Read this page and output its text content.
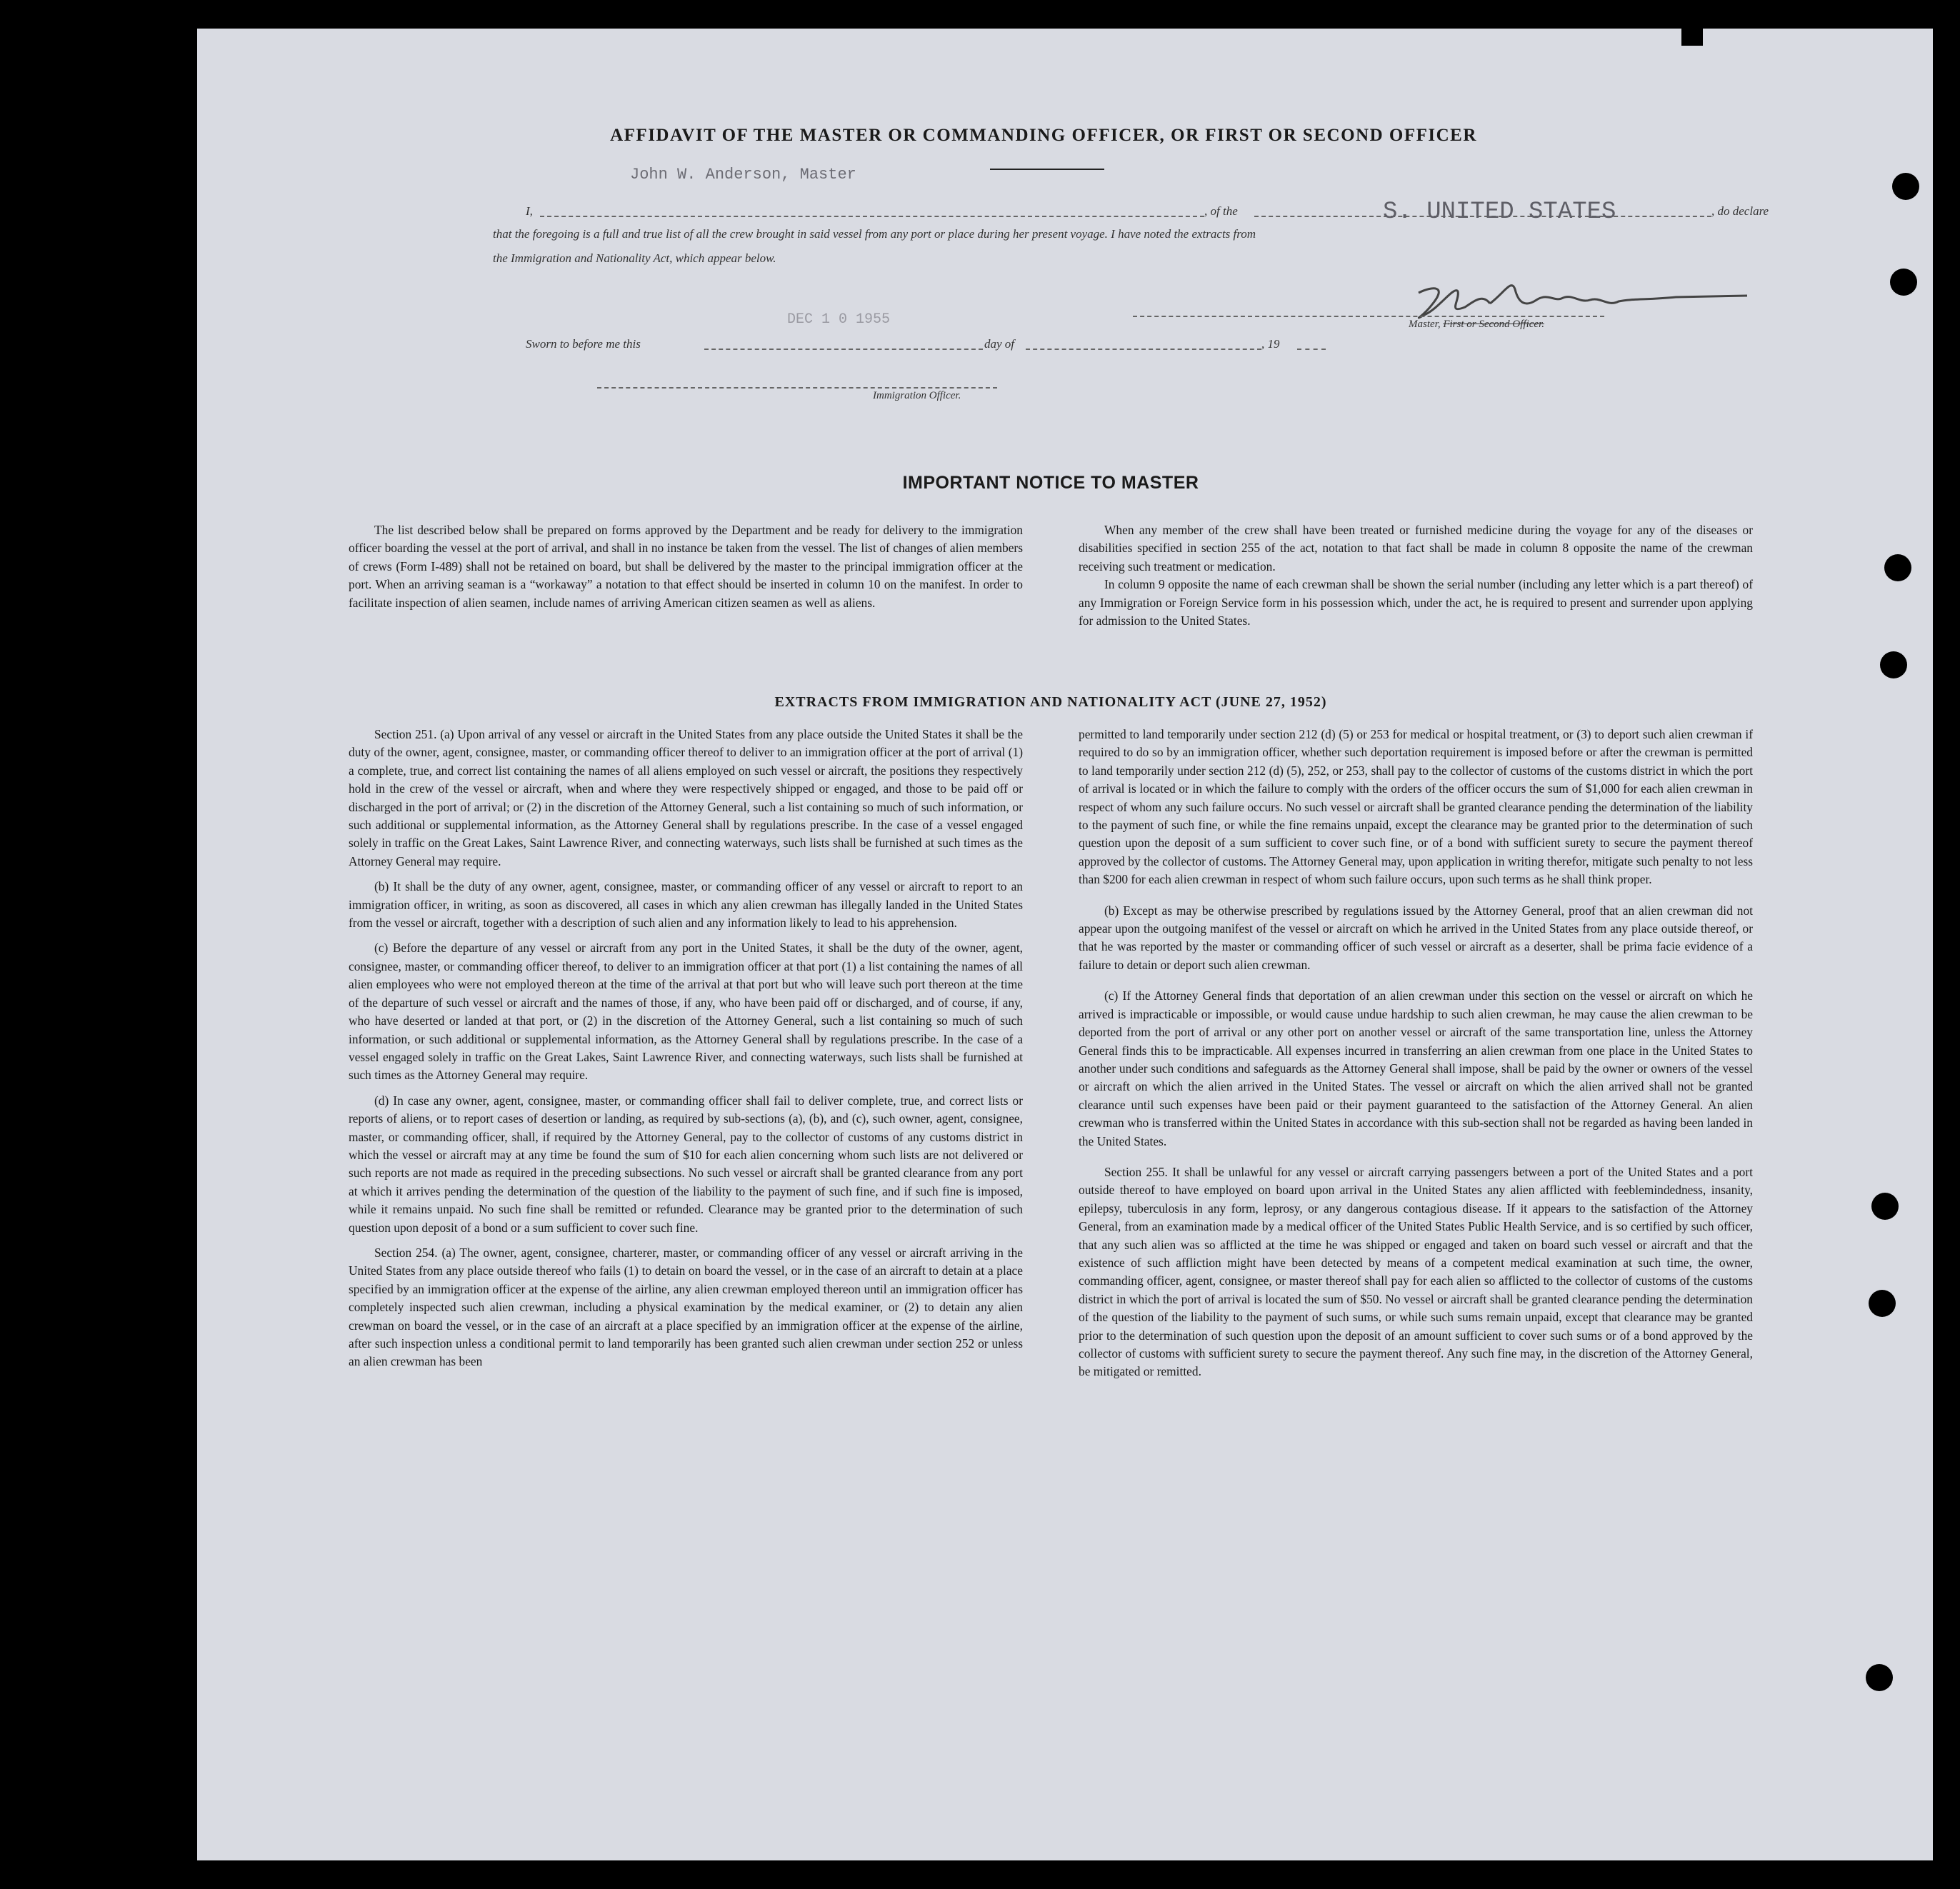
AFFIDAVIT OF THE MASTER OR COMMANDING OFFICER, OR FIRST OR SECOND OFFICER
John W. Anderson, Master
I,	, of the	S. UNITED STATES	, do declare
that the foregoing is a full and true list of all the crew brought in said vessel from any port or place during her present voyage. I have noted the extracts from
the Immigration and Nationality Act, which appear below.
Master, First or Second Officer.
DEC 1 0 1955
Sworn to before me this	day of	, 19
Immigration Officer.
IMPORTANT NOTICE TO MASTER

The list described below shall be prepared on forms approved by the Department and be ready for delivery to the immigration officer boarding the vessel at the port of arrival, and shall in no instance be taken from the vessel. The list of changes of alien members of crews (Form I-489) shall not be retained on board, but shall be delivered by the master to the principal immigration officer at the port. When an arriving seaman is a “workaway” a notation to that effect should be inserted in column 10 on the manifest. In order to facilitate inspection of alien seamen, include names of arriving American citizen seamen as well as aliens.

When any member of the crew shall have been treated or furnished medicine during the voyage for any of the diseases or disabilities specified in section 255 of the act, notation to that fact shall be made in column 8 opposite the name of the crewman receiving such treatment or medication.

In column 9 opposite the name of each crewman shall be shown the serial number (including any letter which is a part thereof) of any Immigration or Foreign Service form in his possession which, under the act, he is required to present and surrender upon applying for admission to the United States.

EXTRACTS FROM IMMIGRATION AND NATIONALITY ACT (JUNE 27, 1952)

Section 251. (a) Upon arrival of any vessel or aircraft in the United States from any place outside the United States it shall be the duty of the owner, agent, consignee, master, or commanding officer thereof to deliver to an immigration officer at the port of arrival (1) a complete, true, and correct list containing the names of all aliens employed on such vessel or aircraft, the positions they respectively hold in the crew of the vessel or aircraft, when and where they were respectively shipped or engaged, and those to be paid off or discharged in the port of arrival; or (2) in the discretion of the Attorney General, such a list containing so much of such information, or such additional or supplemental information, as the Attorney General shall by regulations prescribe. In the case of a vessel engaged solely in traffic on the Great Lakes, Saint Lawrence River, and connecting waterways, such lists shall be furnished at such times as the Attorney General may require.

(b) It shall be the duty of any owner, agent, consignee, master, or commanding officer of any vessel or aircraft to report to an immigration officer, in writing, as soon as discovered, all cases in which any alien crewman has illegally landed in the United States from the vessel or aircraft, together with a description of such alien and any information likely to lead to his apprehension.

(c) Before the departure of any vessel or aircraft from any port in the United States, it shall be the duty of the owner, agent, consignee, master, or commanding officer thereof, to deliver to an immigration officer at that port (1) a list containing the names of all alien employees who were not employed thereon at the time of the arrival at that port but who will leave such port thereon at the time of the departure of such vessel or aircraft and the names of those, if any, who have been paid off or discharged, and of course, if any, who have deserted or landed at that port, or (2) in the discretion of the Attorney General, such a list containing so much of such information, or such additional or supplemental information, as the Attorney General shall by regulations prescribe. In the case of a vessel engaged solely in traffic on the Great Lakes, Saint Lawrence River, and connecting waterways, such lists shall be furnished at such times as the Attorney General may require.

(d) In case any owner, agent, consignee, master, or commanding officer shall fail to deliver complete, true, and correct lists or reports of aliens, or to report cases of desertion or landing, as required by sub-sections (a), (b), and (c), such owner, agent, consignee, master, or commanding officer, shall, if required by the Attorney General, pay to the collector of customs of any customs district in which the vessel or aircraft may at any time be found the sum of $10 for each alien concerning whom such lists are not delivered or such reports are not made as required in the preceding subsections. No such vessel or aircraft shall be granted clearance from any port at which it arrives pending the determination of the question of the liability to the payment of such fine, and if such fine is imposed, while it remains unpaid. No such fine shall be remitted or refunded. Clearance may be granted prior to the determination of such question upon deposit of a bond or a sum sufficient to cover such fine.

Section 254. (a) The owner, agent, consignee, charterer, master, or commanding officer of any vessel or aircraft arriving in the United States from any place outside thereof who fails (1) to detain on board the vessel, or in the case of an aircraft to detain at a place specified by an immigration officer at the expense of the airline, any alien crewman employed thereon until an immigration officer has completely inspected such alien crewman, including a physical examination by the medical examiner, or (2) to detain any alien crewman on board the vessel, or in the case of an aircraft at a place specified by an immigration officer at the expense of the airline, after such inspection unless a conditional permit to land temporarily has been granted such alien crewman under section 252 or unless an alien crewman has been

permitted to land temporarily under section 212 (d) (5) or 253 for medical or hospital treatment, or (3) to deport such alien crewman if required to do so by an immigration officer, whether such deportation requirement is imposed before or after the crewman is permitted to land temporarily under section 212 (d) (5), 252, or 253, shall pay to the collector of customs of the customs district in which the port of arrival is located or in which the failure to comply with the orders of the officer occurs the sum of $1,000 for each alien crewman in respect of whom any such failure occurs. No such vessel or aircraft shall be granted clearance pending the determination of the liability to the payment of such fine, or while the fine remains unpaid, except the clearance may be granted prior to the determination of such question upon the deposit of a sum sufficient to cover such fine, or of a bond with sufficient surety to secure the payment thereof approved by the collector of customs. The Attorney General may, upon application in writing therefor, mitigate such penalty to not less than $200 for each alien crewman in respect of whom such failure occurs, upon such terms as he shall think proper.

(b) Except as may be otherwise prescribed by regulations issued by the Attorney General, proof that an alien crewman did not appear upon the outgoing manifest of the vessel or aircraft on which he arrived in the United States from any place outside thereof, or that he was reported by the master or commanding officer of such vessel or aircraft as a deserter, shall be prima facie evidence of a failure to detain or deport such alien crewman.

(c) If the Attorney General finds that deportation of an alien crewman under this section on the vessel or aircraft on which he arrived is impracticable or impossible, or would cause undue hardship to such alien crewman, he may cause the alien crewman to be deported from the port of arrival or any other port on another vessel or aircraft of the same transportation line, unless the Attorney General finds this to be impracticable. All expenses incurred in transferring an alien crewman from one place in the United States to another under such conditions and safeguards as the Attorney General shall impose, shall be paid by the owner or owners of the vessel or aircraft on which the alien arrived in the United States. The vessel or aircraft on which the alien arrived shall not be granted clearance until such expenses have been paid or their payment guaranteed to the satisfaction of the Attorney General. An alien crewman who is transferred within the United States in accordance with this sub-section shall not be regarded as having been landed in the United States.

Section 255. It shall be unlawful for any vessel or aircraft carrying passengers between a port of the United States and a port outside thereof to have employed on board upon arrival in the United States any alien afflicted with feeblemindedness, insanity, epilepsy, tuberculosis in any form, leprosy, or any dangerous contagious disease. If it appears to the satisfaction of the Attorney General, from an examination made by a medical officer of the United States Public Health Service, and is so certified by such officer, that any such alien was so afflicted at the time he was shipped or engaged and taken on board such vessel or aircraft and that the existence of such affliction might have been detected by means of a competent medical examination at such time, the owner, commanding officer, agent, consignee, or master thereof shall pay for each alien so afflicted to the collector of customs of the customs district in which the port of arrival is located the sum of $50. No vessel or aircraft shall be granted clearance pending the determination of the question of the liability to the payment of such sums, or while such sums remain unpaid, except that clearance may be granted prior to the determination of such question upon the deposit of an amount sufficient to cover such sums or of a bond approved by the collector of customs with sufficient surety to secure the payment thereof. Any such fine may, in the discretion of the Attorney General, be mitigated or remitted.
